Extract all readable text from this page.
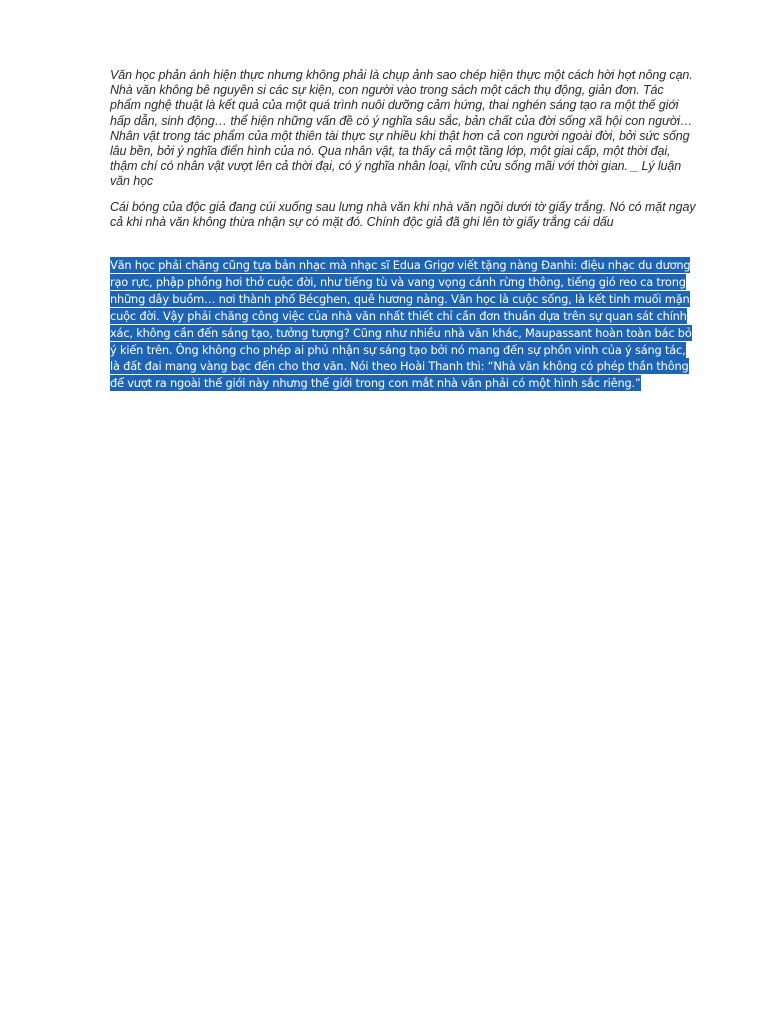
Văn học phản ánh hiện thực nhưng không phải là chụp ảnh sao chép hiện thực một cách hời hợt nông cạn. Nhà văn không bê nguyên si các sự kiện, con người vào trong sách một cách thụ động, giản đơn. Tác phẩm nghệ thuật là kết quả của một quá trình nuôi dưỡng cảm hứng, thai nghén sáng tạo ra một thế giới hấp dẫn, sinh động… thể hiện những vấn đề có ý nghĩa sâu sắc, bản chất của đời sống xã hội con người… Nhân vật trong tác phẩm của một thiên tài thực sự nhiều khi thật hơn cả con người ngoài đời, bởi sức sống lâu bền, bởi ý nghĩa điển hình của nó. Qua nhân vật, ta thấy cả một tầng lớp, một giai cấp, một thời đại, thậm chí có nhân vật vượt lên cả thời đại, có ý nghĩa nhân loại, vĩnh cửu sống mãi với thời gian. _ Lý luận văn học

Cái bóng của độc giả đang cúi xuống sau lưng nhà văn khi nhà văn ngồi dưới tờ giấy trắng. Nó có mặt ngay cả khi nhà văn không thừa nhận sự có mặt đó. Chính độc giả đã ghi lên tờ giấy trắng cái dấu

Văn học phải chăng cũng tựa bản nhạc mà nhạc sĩ Edua Grigơ viết tặng nàng Đanhi: điệu nhạc du dương rạo rực, phập phồng hơi thở cuộc đời, như tiếng tù và vang vọng cánh rừng thông, tiếng gió reo ca trong những dây buồm… nơi thành phố Bécghen, quê hương nàng. Văn học là cuộc sống, là kết tinh muối mặn cuộc đời. Vậy phải chăng công việc của nhà văn nhất thiết chỉ cần đơn thuần dựa trên sự quan sát chính xác, không cần đến sáng tạo, tưởng tượng? Cũng như nhiều nhà văn khác, Maupassant hoàn toàn bác bỏ ý kiến trên. Ông không cho phép ai phủ nhận sự sáng tạo bởi nó mang đến sự phồn vinh của ý sáng tác, là đất đai mang vàng bạc đến cho thơ văn. Nói theo Hoài Thanh thì: “Nhà văn không có phép thần thông để vượt ra ngoài thế giới này nhưng thế giới trong con mắt nhà văn phải có một hình sắc riêng.”
